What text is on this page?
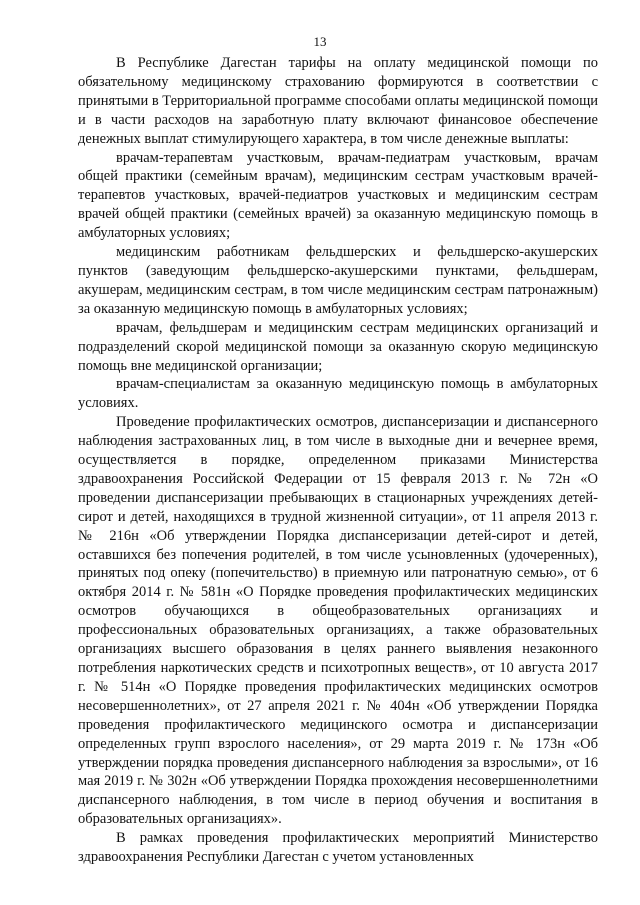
13

В Республике Дагестан тарифы на оплату медицинской помощи по обязательному медицинскому страхованию формируются в соответствии с принятыми в Территориальной программе способами оплаты медицинской помощи и в части расходов на заработную плату включают финансовое обеспечение денежных выплат стимулирующего характера, в том числе денежные выплаты:

врачам-терапевтам участковым, врачам-педиатрам участковым, врачам общей практики (семейным врачам), медицинским сестрам участковым врачей-терапевтов участковых, врачей-педиатров участковых и медицинским сестрам врачей общей практики (семейных врачей) за оказанную медицинскую помощь в амбулаторных условиях;

медицинским работникам фельдшерских и фельдшерско-акушерских пунктов (заведующим фельдшерско-акушерскими пунктами, фельдшерам, акушерам, медицинским сестрам, в том числе медицинским сестрам патронажным) за оказанную медицинскую помощь в амбулаторных условиях;

врачам, фельдшерам и медицинским сестрам медицинских организаций и подразделений скорой медицинской помощи за оказанную скорую медицинскую помощь вне медицинской организации;

врачам-специалистам за оказанную медицинскую помощь в амбулаторных условиях.

Проведение профилактических осмотров, диспансеризации и диспансерного наблюдения застрахованных лиц, в том числе в выходные дни и вечернее время, осуществляется в порядке, определенном приказами Министерства здравоохранения Российской Федерации от 15 февраля 2013 г. № 72н «О проведении диспансеризации пребывающих в стационарных учреждениях детей-сирот и детей, находящихся в трудной жизненной ситуации», от 11 апреля 2013 г. № 216н «Об утверждении Порядка диспансеризации детей-сирот и детей, оставшихся без попечения родителей, в том числе усыновленных (удочеренных), принятых под опеку (попечительство) в приемную или патронатную семью», от 6 октября 2014 г. № 581н «О Порядке проведения профилактических медицинских осмотров обучающихся в общеобразовательных организациях и профессиональных образовательных организациях, а также образовательных организациях высшего образования в целях раннего выявления незаконного потребления наркотических средств и психотропных веществ», от 10 августа 2017 г. № 514н «О Порядке проведения профилактических медицинских осмотров несовершеннолетних», от 27 апреля 2021 г. № 404н «Об утверждении Порядка проведения профилактического медицинского осмотра и диспансеризации определенных групп взрослого населения», от 29 марта 2019 г. № 173н «Об утверждении порядка проведения диспансерного наблюдения за взрослыми», от 16 мая 2019 г. № 302н «Об утверждении Порядка прохождения несовершеннолетними диспансерного наблюдения, в том числе в период обучения и воспитания в образовательных организациях».

В рамках проведения профилактических мероприятий Министерство здравоохранения Республики Дагестан с учетом установленных
